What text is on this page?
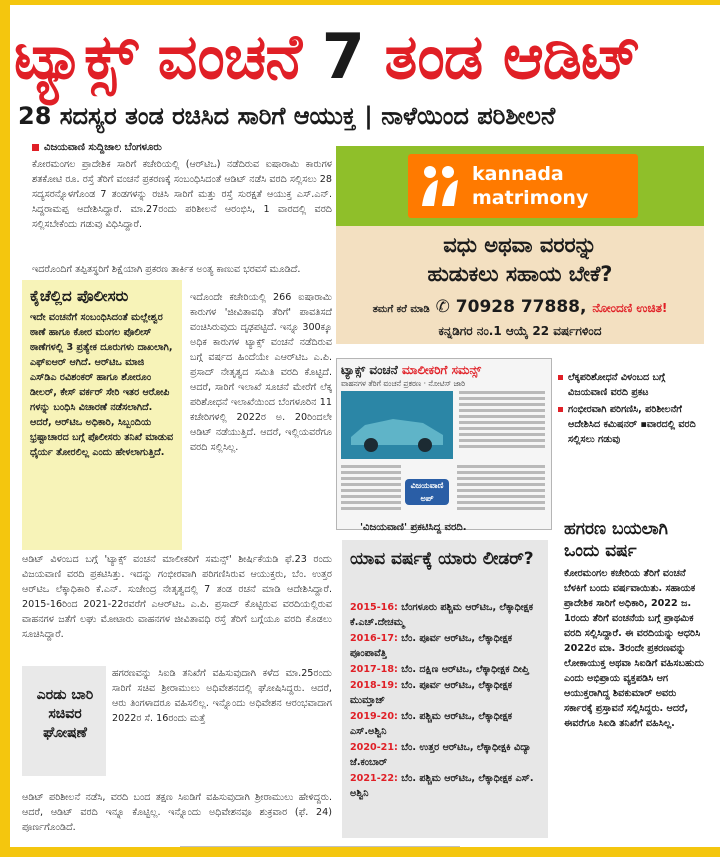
ಟ್ಯಾಕ್ಸ್ ವಂಚನೆ 7 ತಂಡ ಆಡಿಟ್
28 ಸದಸ್ಯರ ತಂಡ ರಚಿಸಿದ ಸಾರಿಗೆ ಆಯುಕ್ತ | ನಾಳೆಯಿಂದ ಪರಿಶೀಲನೆ
ವಿಜಯವಾಣಿ ಸುದ್ದಿಜಾಲ ಬೆಂಗಳೂರು
ಕೋರಮಂಗಲ ಪ್ರಾದೇಶಿಕ ಸಾರಿಗೆ ಕಚೇರಿಯಲ್ಲಿ (ಆರ್‌ಟಿಒ) ನಡೆದಿರುವ ಐಷಾರಾಮಿ ಕಾರುಗಳ ಶತಕೋಟಿ ರೂ. ರಸ್ತೆ ತೆರಿಗೆ ವಂಚನೆ ಪ್ರಕರಣಕ್ಕೆ ಸಂಬಂಧಿಸಿದಂತೆ ಆಡಿಟ್ ನಡೆಸಿ ವರದಿ ಸಲ್ಲಿಸಲು 28 ಸದ್ಯಸರನ್ನೊಳಗೊಂಡ 7 ತಂಡಗಳನ್ನು ರಚಿಸಿ ಸಾರಿಗೆ ಮತ್ತು ರಸ್ತೆ ಸುರಕ್ಷತೆ ಆಯುಕ್ತ ಎಸ್.ಎನ್. ಸಿದ್ದರಾಮಪ್ಪ ಆದೇಶಿಸಿದ್ದಾರೆ. ಮಾ.27ರಂದು ಪರಿಶೀಲನೆ ಆರಂಭಿಸಿ, 1 ವಾರದಲ್ಲಿ ವರದಿ ಸಲ್ಲಿಸಬೇಕೆಂದು ಗಡುವು ವಿಧಿಸಿದ್ದಾರೆ.
ಇದರೊಂದಿಗೆ ತಪ್ಪಿತಸ್ಥರಿಗೆ ಶಿಕ್ಷೆಯಾಗಿ ಪ್ರಕರಣ ತಾರ್ಕಿಕ ಅಂತ್ಯ ಕಾಣುವ ಭರವಸೆ ಮೂಡಿದೆ.
ಕೈಚೆಲ್ಲಿದ ಪೊಲೀಸರು
ಇದೇ ವಂಚನೆಗೆ ಸಂಬಂಧಿಸಿದಂತೆ ಮಲ್ಲೇಶ್ವರ ಠಾಣೆ ಹಾಗೂ ಕೋರ ಮಂಗಲ ಪೊಲೀಸ್ ಠಾಣೆಗಳಲ್ಲಿ 3 ಪ್ರತ್ಯೇಕ ದೂರುಗಳು ದಾಖಲಾಗಿ, ಎಫ್‌ಐಆರ್ ಆಗಿದೆ. ಆರ್‌ಟಿಒ ಮಾಜಿ ಎಸ್‌ಡಿಎ ರವಿಶಂಕರ್ ಹಾಗೂ ಶೋರೂಂ ಡೀಲರ್, ಕೇಸ್ ವರ್ಕರ್ ಸೇರಿ ಇತರ ಆರೋಪಿ ಗಳನ್ನು ಬಂಧಿಸಿ ವಿಚಾರಣೆ ನಡೆಸಲಾಗಿದೆ. ಆದರೆ, ಆರ್‌ಟಿಒ ಅಧಿಕಾರಿ, ಸಿಬ್ಬಂದಿಯ ಭ್ರಷ್ಟಾಚಾರದ ಬಗ್ಗೆ ಪೊಲೀಸರು ತನಿಖೆ ಮಾಡುವ ಧೈರ್ಯ ತೋರಲಿಲ್ಲ ಎಂದು ಹೇಳಲಾಗುತ್ತಿದೆ.
ಇದೊಂದೇ ಕಚೇರಿಯಲ್ಲಿ 266 ಐಷಾರಾಮಿ ಕಾರುಗಳ 'ಜೀವಿತಾವಧಿ ತೆರಿಗೆ' ಪಾವತಿಸದೆ ವಂಚಿಸಿರುವುದು ದೃಢಪಟ್ಟಿದೆ. ಇನ್ನೂ 300ಕ್ಕೂ ಅಧಿಕ ಕಾರುಗಳ ಟ್ಯಾಕ್ಸ್ ವಂಚನೆ ನಡೆದಿರುವ ಬಗ್ಗೆ ವರ್ಷದ ಹಿಂದೆಯೇ ಎಆರ್‌ಟಿಒ ಎ.ಪಿ. ಪ್ರಸಾದ್ ನೇತೃತ್ವದ ಸಮಿತಿ ವರದಿ ಕೊಟ್ಟಿದೆ. ಆದರೆ, ಸಾರಿಗೆ ಇಲಾಖೆ ಸೂಚನೆ ಮೇರೆಗೆ ಲೆಕ್ಕ ಪರಿಶೋಧನೆ ಇಲಾಖೆಯಿಂದ ಬೆಂಗಳೂರಿನ 11 ಕಚೇರಿಗಳಲ್ಲಿ 2022ರ ಅ. 20ರಿಂದಲೇ ಆಡಿಟ್ ನಡೆಯುತ್ತಿದೆ. ಆದರೆ, ಇಲ್ಲಿಯವರೆಗೂ ವರದಿ ಸಲ್ಲಿಸಿಲ್ಲ.
ಆಡಿಟ್ ವಿಳಂಬದ ಬಗ್ಗೆ 'ಟ್ಯಾಕ್ಸ್ ವಂಚನೆ ಮಾಲೀಕರಿಗೆ ಸಮನ್ಸ್' ಶೀರ್ಷಿಕೆಯಡಿ ಫೆ.23 ರಂದು ವಿಜಯವಾಣಿ ವರದಿ ಪ್ರಕಟಿಸಿತ್ತು. ಇದನ್ನು ಗಂಭೀರವಾಗಿ ಪರಿಗಣಿಸಿರುವ ಆಯುಕ್ತರು, ಬೆಂ. ಉತ್ತರ ಆರ್‌ಟಿಒ ಲೆಕ್ಕಾಧಿಕಾರಿ ಕೆ.ಎನ್. ಸುಜೇಂದ್ರ ನೇತೃತ್ವದಲ್ಲಿ 7 ತಂಡ ರಚನೆ ಮಾಡಿ ಆದೇಶಿಸಿದ್ದಾರೆ. 2015-16ರಿಂದ 2021-22ರವರೆಗೆ ಎಆರ್‌ಟಿಒ ಎ.ಪಿ. ಪ್ರಸಾದ್ ಕೊಟ್ಟಿರುವ ವರದಿಯಲ್ಲಿರುವ ವಾಹನಗಳ ಜತೆಗೆ ಲಘು ಮೋಟಾರು ವಾಹನಗಳ ಜೀವಿತಾವಧಿ ರಸ್ತೆ ತೆರಿಗೆ ಬಗ್ಗೆಯೂ ವರದಿ ಕೊಡಲು ಸೂಚಿಸಿದ್ದಾರೆ.
ಎರಡು ಬಾರಿ ಸಚಿವರ ಘೋಷಣೆ
ಹಗರಣವನ್ನು ಸಿಐಡಿ ತನಿಖೆಗೆ ವಹಿಸುವುದಾಗಿ ಕಳೆದ ಮಾ.25ರಂದು ಸಾರಿಗೆ ಸಚಿವ ಶ್ರೀರಾಮುಲು ಅಧಿವೇಶನದಲ್ಲಿ ಘೋಷಿಸಿದ್ದರು. ಆದರೆ, ಆರು ತಿಂಗಳಾದರೂ ವಹಿಸಲಿಲ್ಲ. ಇನ್ನೊಂದು ಅಧಿವೇಶನ ಆರಂಭವಾದಾಗ 2022ರ ಸೆ. 16ರಂದು ಮತ್ತೆ
ಆಡಿಟ್ ಪರಿಶೀಲನೆ ನಡೆಸಿ, ವರದಿ ಬಂದ ತಕ್ಷಣ ಸಿಐಡಿಗೆ ವಹಿಸುವುದಾಗಿ ಶ್ರೀರಾಮುಲು ಹೇಳಿದ್ದರು. ಆದರೆ, ಆಡಿಟ್ ವರದಿ ಇನ್ನೂ ಕೊಟ್ಟಿಲ್ಲ. ಇನ್ನೊಂದು ಅಧಿವೇಶನವೂ ಶುಕ್ರವಾರ (ಫೆ. 24) ಪೂರ್ಣಗೊಂಡಿದೆ.
kannada
matrimony
ವಧು ಅಥವಾ ವರರನ್ನು
ಹುಡುಕಲು ಸಹಾಯ ಬೇಕೆ?
ತಮಗೆ ಕರೆ ಮಾಡಿ ✆ 70928 77888, ನೋಂದಣಿ ಉಚಿತ!
ಕನ್ನಡಿಗರ ನಂ.1 ಆಯ್ಕೆ 22 ವರ್ಷಗಳಿಂದ
ಟ್ಯಾಕ್ಸ್ ವಂಚನೆ ಮಾಲೀಕರಿಗೆ ಸಮನ್ಸ್
ವಾಹನಗಳ ತೆರಿಗೆ ವಂಚನೆ ಪ್ರಕರಣ · ನೋಟಿಸ್ ಜಾರಿ
ವಿಜಯವಾಣಿ ಅಪ್
'ವಿಜಯವಾಣಿ' ಪ್ರಕಟಿಸಿದ್ದ ವರದಿ.
ಲೆಕ್ಕಪರಿಶೋಧನೆ ವಿಳಂಬದ ಬಗ್ಗೆ ವಿಜಯವಾಣಿ ವರದಿ ಪ್ರಕಟ
ಗಂಭೀರವಾಗಿ ಪರಿಗಣಿಸಿ, ಪರಿಶೀಲನೆಗೆ ಆದೇಶಿಸಿದ ಕಮಿಷನರ್ ▪ವಾರದಲ್ಲಿ ವರದಿ ಸಲ್ಲಿಸಲು ಗಡುವು
ಯಾವ ವರ್ಷಕ್ಕೆ ಯಾರು ಲೀಡರ್?
2015-16: ಬೆಂಗಳೂರು ಪಶ್ಚಿಮ ಆರ್‌ಟಿಒ, ಲೆಕ್ಕಾಧೀಕ್ಷಕ ಕೆ.ಎಚ್.ದೇಚಮ್ಮ
2016-17: ಬೆಂ. ಪೂರ್ವ ಆರ್‌ಟಿಒ, ಲೆಕ್ಕಾಧೀಕ್ಷಕ ಪೂಂಪಾವೆತ್ತಿ
2017-18: ಬೆಂ. ದಕ್ಷಿಣ ಆರ್‌ಟಿಒ, ಲೆಕ್ಕಾಧೀಕ್ಷಕ ದೀಪ್ತಿ
2018-19: ಬೆಂ. ಪೂರ್ವ ಆರ್‌ಟಿಒ, ಲೆಕ್ಕಾಧೀಕ್ಷಕ ಮುಮ್ತಾಜ್
2019-20: ಬೆಂ. ಪಶ್ಚಿಮ ಆರ್‌ಟಿಒ, ಲೆಕ್ಕಾಧೀಕ್ಷಕ ಎಸ್.ಅಶ್ವಿನಿ
2020-21: ಬೆಂ. ಉತ್ತರ ಆರ್‌ಟಿಒ, ಲೆಕ್ಕಾಧೀಕ್ಷಕಿ ವಿದ್ಯಾ ಜೆ.ಕಂಬಾರ್
2021-22: ಬೆಂ. ಪಶ್ಚಿಮ ಆರ್‌ಟಿಒ, ಲೆಕ್ಕಾಧೀಕ್ಷಕ ಎಸ್. ಅಶ್ವಿನಿ
ಹಗರಣ ಬಯಲಾಗಿ ಒಂದು ವರ್ಷ
ಕೋರಮಂಗಲ ಕಚೇರಿಯ ತೆರಿಗೆ ವಂಚನೆ ಬೆಳಕಿಗೆ ಬಂದು ವರ್ಷವಾಯಿತು. ಸಹಾಯಕ ಪ್ರಾದೇಶಿಕ ಸಾರಿಗೆ ಅಧಿಕಾರಿ, 2022 ಜ. 1ರಂದು ತೆರಿಗೆ ವಂಚನೆಯ ಬಗ್ಗೆ ಪ್ರಾಥಮಿಕ ವರದಿ ಸಲ್ಲಿಸಿದ್ದಾರೆ. ಈ ವರದಿಯನ್ನು ಆಧರಿಸಿ 2022ರ ಮಾ. 3ರಂದೇ ಪ್ರಕರಣವನ್ನು ಲೋಕಾಯುಕ್ತ ಅಥವಾ ಸಿಐಡಿಗೆ ವಹಿಸಬಹುದು ಎಂದು ಅಭಿಪ್ರಾಯ ವ್ಯಕ್ತಪಡಿಸಿ ಆಗ ಆಯುಕ್ತರಾಗಿದ್ದ ಶಿವಕುಮಾರ್ ಅವರು ಸರ್ಕಾರಕ್ಕೆ ಪ್ರಸ್ತಾವನೆ ಸಲ್ಲಿಸಿದ್ದರು. ಆದರೆ, ಈವರೆಗೂ ಸಿಐಡಿ ತನಿಖೆಗೆ ವಹಿಸಿಲ್ಲ.
